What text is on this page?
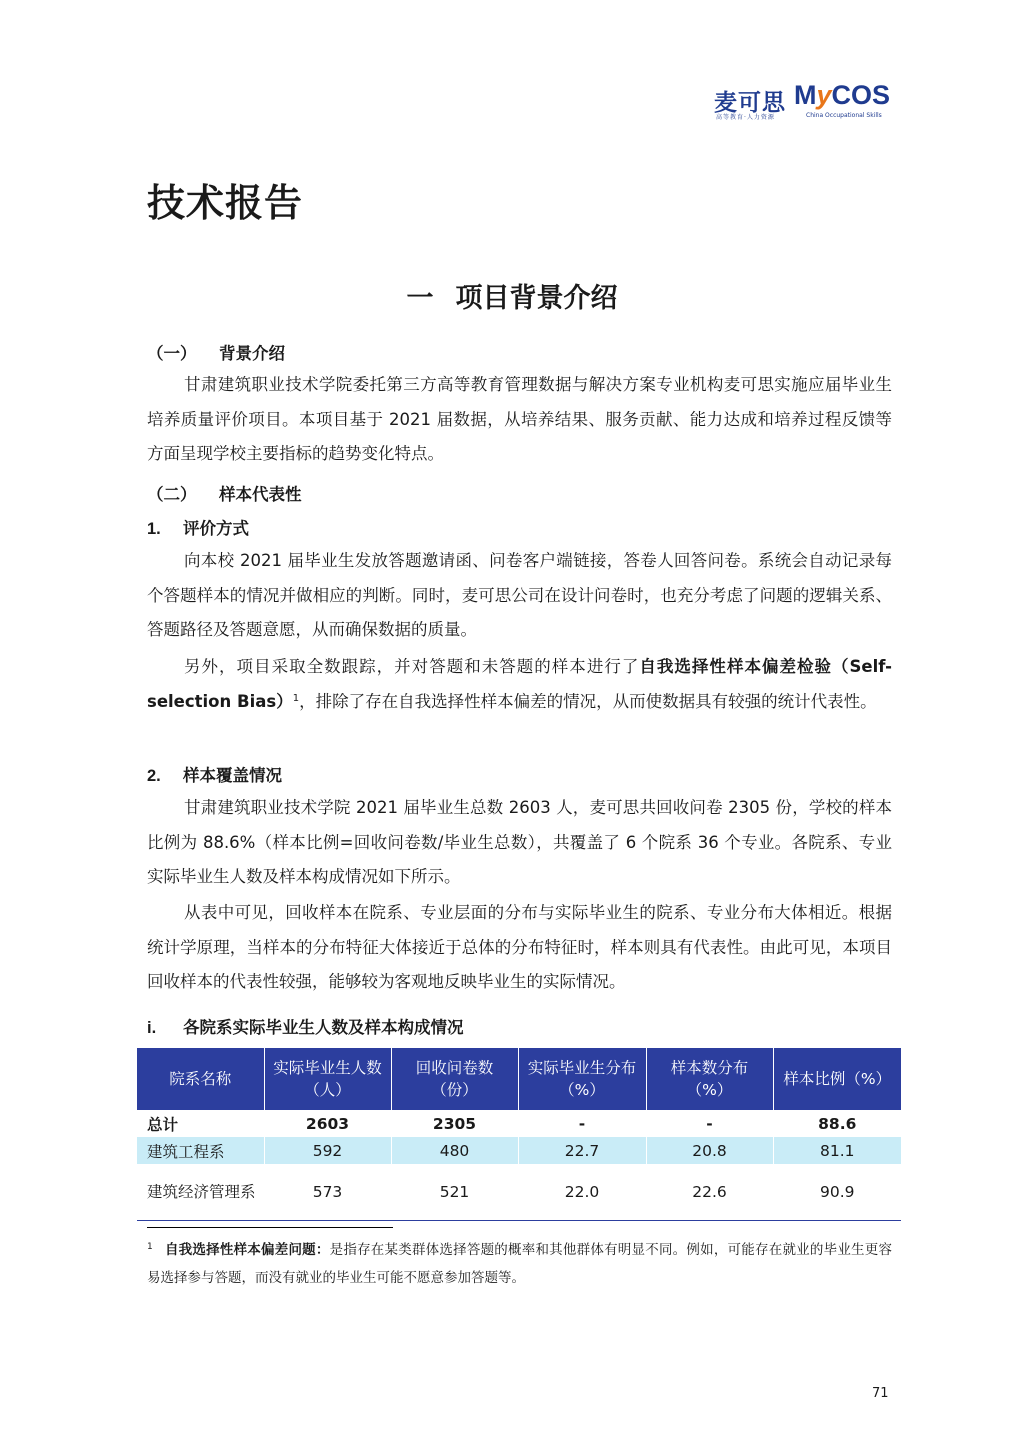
麦可思 MyCOS
高等教育·人力资源	China Occupational Skills
技术报告
一 项目背景介绍
（一） 背景介绍

甘肃建筑职业技术学院委托第三方高等教育管理数据与解决方案专业机构麦可思实施应届毕业生培养质量评价项目。本项目基于 2021 届数据，从培养结果、服务贡献、能力达成和培养过程反馈等方面呈现学校主要指标的趋势变化特点。

（二） 样本代表性
1. 评价方式

向本校 2021 届毕业生发放答题邀请函、问卷客户端链接，答卷人回答问卷。系统会自动记录每个答题样本的情况并做相应的判断。同时，麦可思公司在设计问卷时，也充分考虑了问题的逻辑关系、答题路径及答题意愿，从而确保数据的质量。

另外，项目采取全数跟踪，并对答题和未答题的样本进行了自我选择性样本偏差检验（Self-selection Bias）$^1$，排除了存在自我选择性样本偏差的情况，从而使数据具有较强的统计代表性。

2. 样本覆盖情况

甘肃建筑职业技术学院 2021 届毕业生总数 2603 人，麦可思共回收问卷 2305 份，学校的样本比例为 88.6%（样本比例=回收问卷数/毕业生总数），共覆盖了 6 个院系 36 个专业。各院系、专业实际毕业生人数及样本构成情况如下所示。

从表中可见，回收样本在院系、专业层面的分布与实际毕业生的院系、专业分布大体相近。根据统计学原理，当样本的分布特征大体接近于总体的分布特征时，样本则具有代表性。由此可见，本项目回收样本的代表性较强，能够较为客观地反映毕业生的实际情况。

i. 各院系实际毕业生人数及样本构成情况
院系名称	实际毕业生人数（人）	回收问卷数（份）	实际毕业生分布（%）	样本数分布（%）	样本比例（%）
总计	2603	2305	-	-	88.6
建筑工程系	592	480	22.7	20.8	81.1
建筑经济管理系	573	521	22.0	22.6	90.9

$^1$ 自我选择性样本偏差问题：是指存在某类群体选择答题的概率和其他群体有明显不同。例如，可能存在就业的毕业生更容易选择参与答题，而没有就业的毕业生可能不愿意参加答题等。

71
